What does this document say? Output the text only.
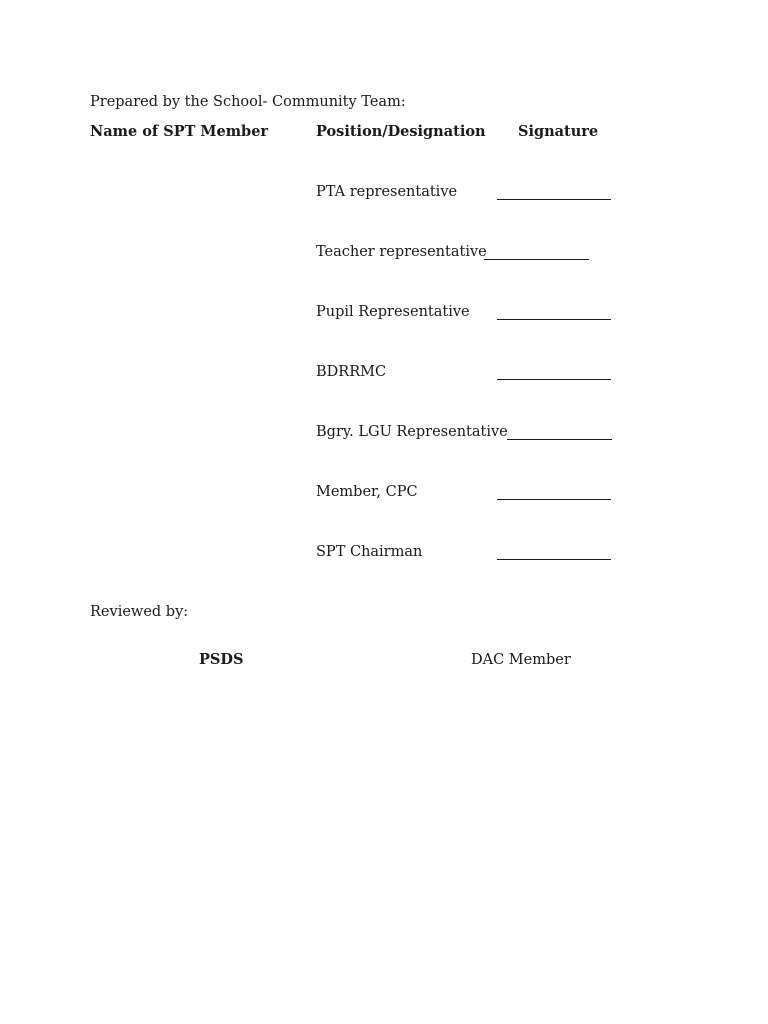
Prepared by the School- Community Team:
Name of SPT Member	Position/Designation Signature
PTA representative
Teacher representative
Pupil Representative
BDRRMC
Bgry. LGU Representative
Member, CPC
SPT Chairman
Reviewed by:
PSDS	DAC Member
